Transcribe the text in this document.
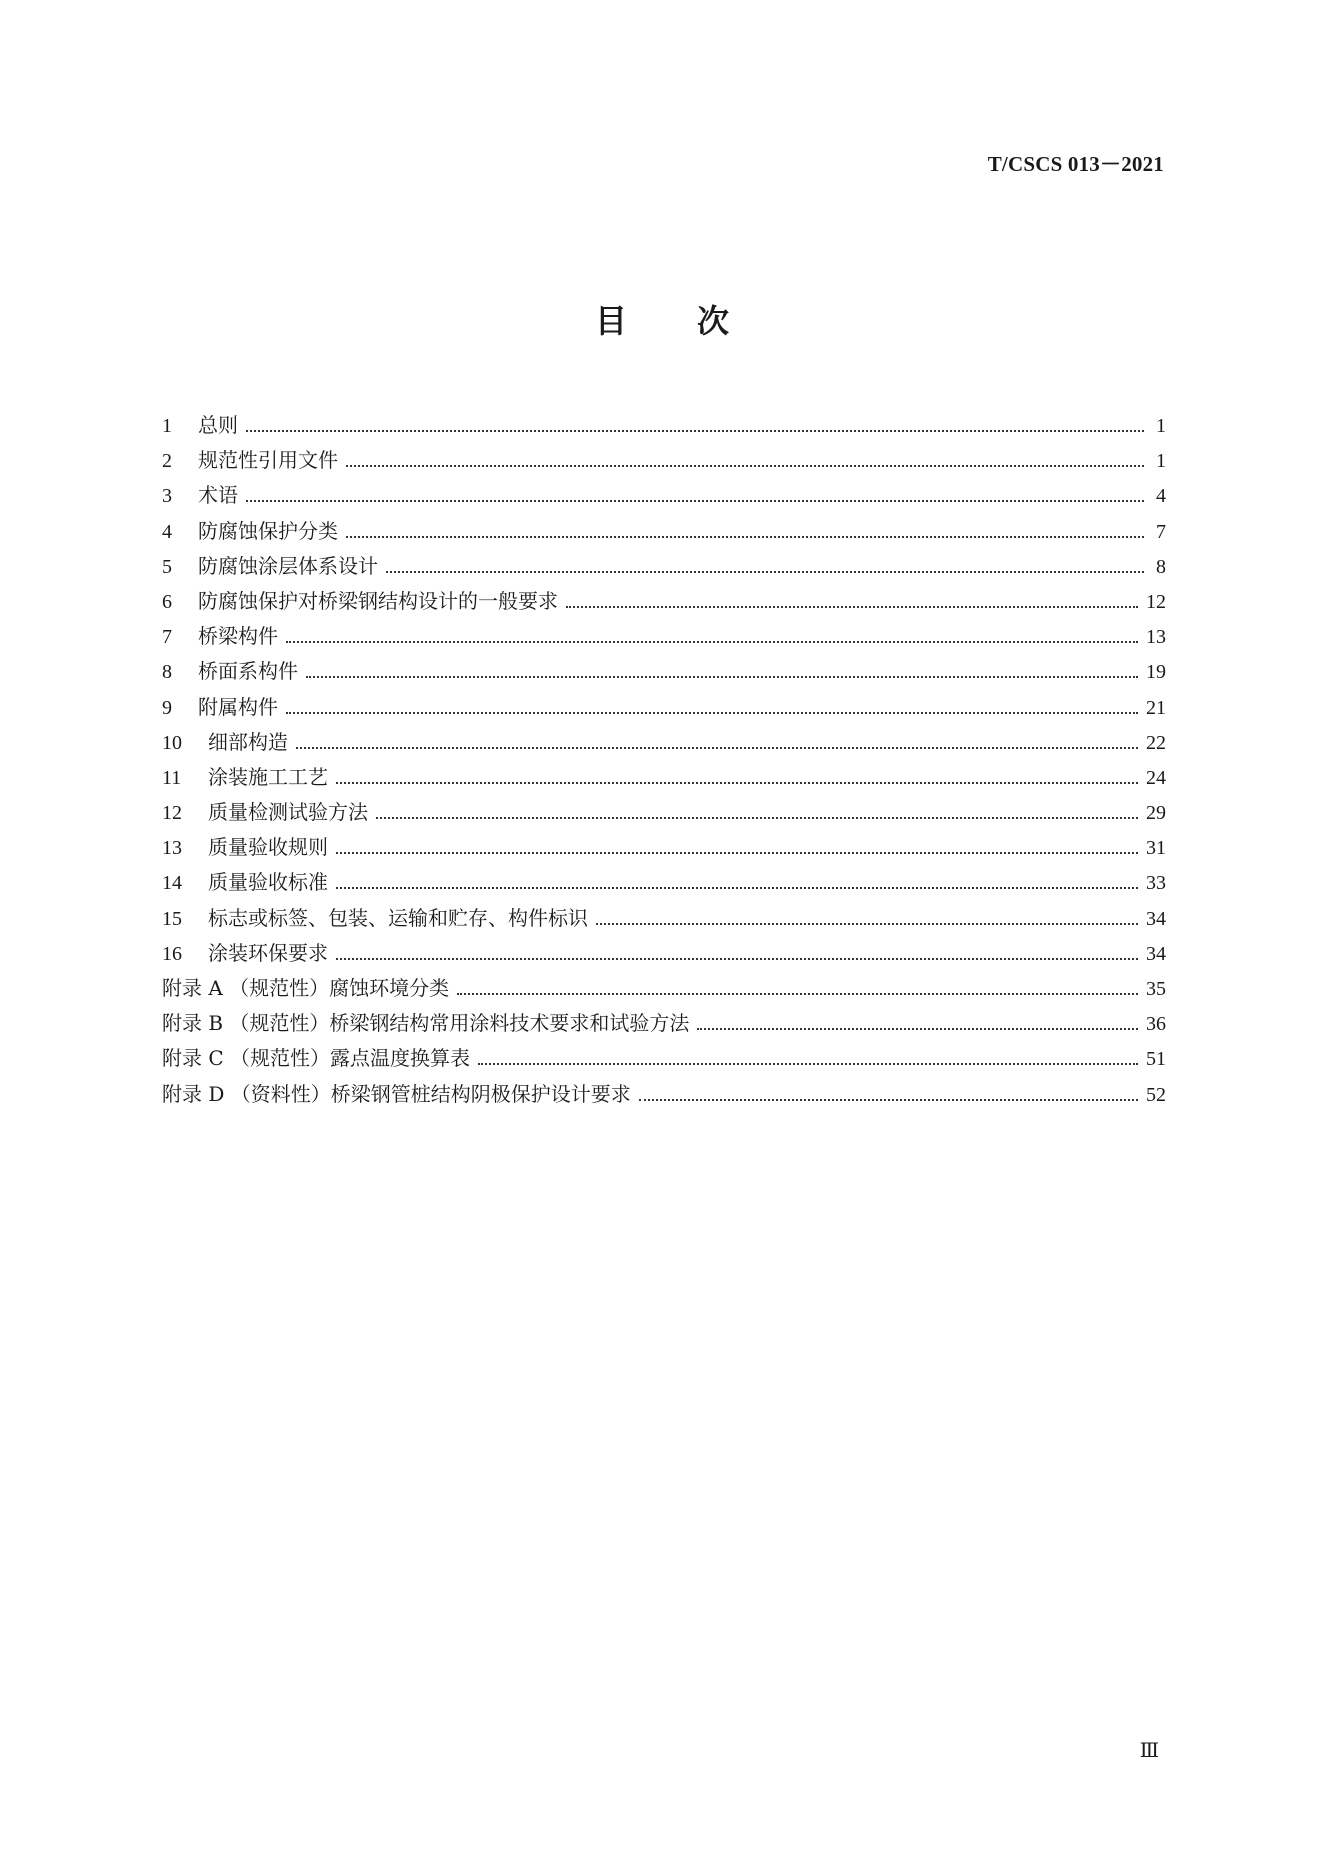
T/CSCS 013－2021
目次
1	总则	1
2	规范性引用文件	1
3	术语	4
4	防腐蚀保护分类	7
5	防腐蚀涂层体系设计	8
6	防腐蚀保护对桥梁钢结构设计的一般要求	12
7	桥梁构件	13
8	桥面系构件	19
9	附属构件	21
10	细部构造	22
11	涂装施工工艺	24
12	质量检测试验方法	29
13	质量验收规则	31
14	质量验收标准	33
15	标志或标签、包装、运输和贮存、构件标识	34
16	涂装环保要求	34
附录 A （规范性）腐蚀环境分类	35
附录 B （规范性）桥梁钢结构常用涂料技术要求和试验方法	36
附录 C （规范性）露点温度换算表	51
附录 D （资料性）桥梁钢管桩结构阴极保护设计要求	52
Ⅲ
